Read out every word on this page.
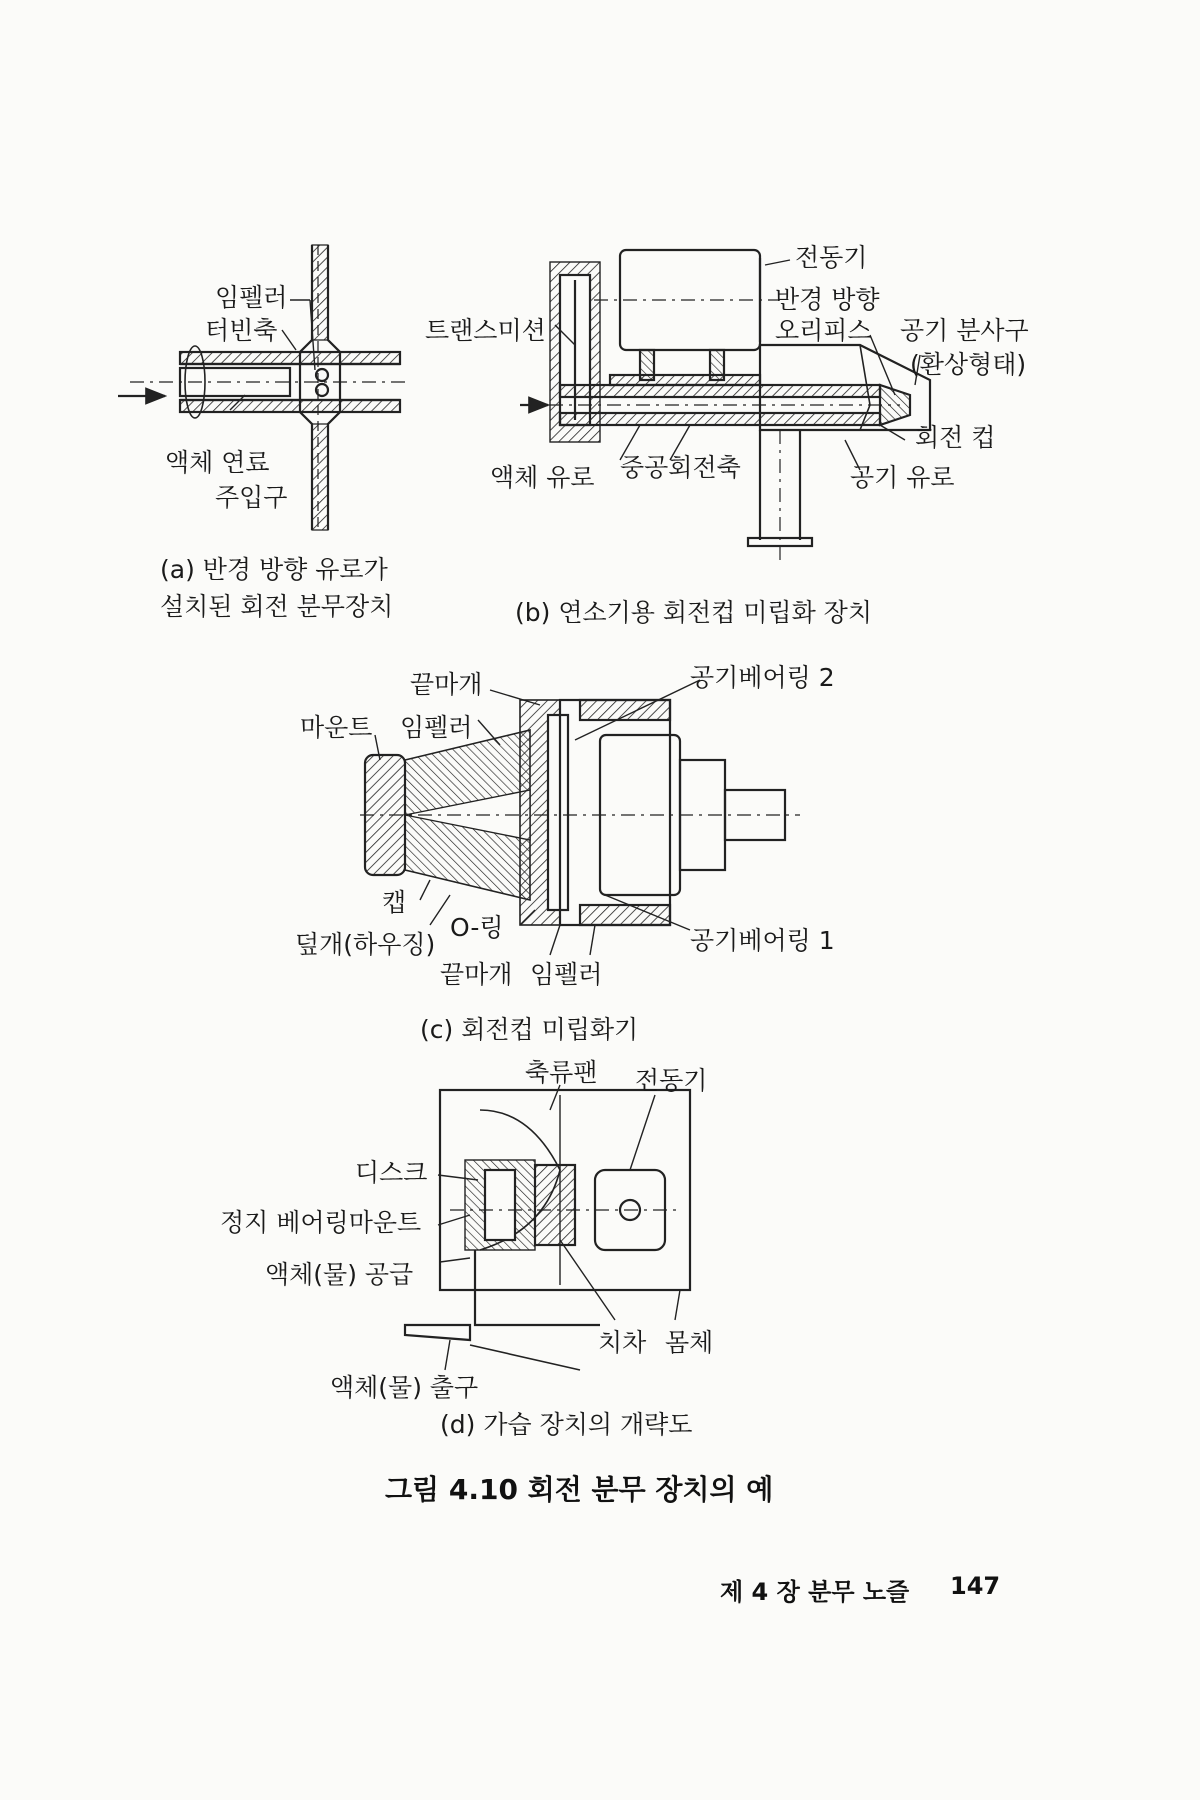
임펠러
터빈축
액체 연료
주입구
(a) 반경 방향 유로가
설치된 회전 분무장치
전동기
트랜스미션
반경 방향
오리피스 공기 분사구
(환상형태)
회전 컵
액체 유로 중공회전축	공기 유로
(b) 연소기용 회전컵 미립화 장치
끝마개	공기베어링 2
마운트 임펠러
캡
덮개(하우징)
O-링	공기베어링 1
끝마개 임펠러
(c) 회전컵 미립화기
축류팬 전동기
디스크
정지 베어링마운트
액체(물) 공급
치차 몸체
액체(물) 출구
(d) 가습 장치의 개략도
그림 4.10 회전 분무 장치의 예
제 4 장 분무 노즐 147
